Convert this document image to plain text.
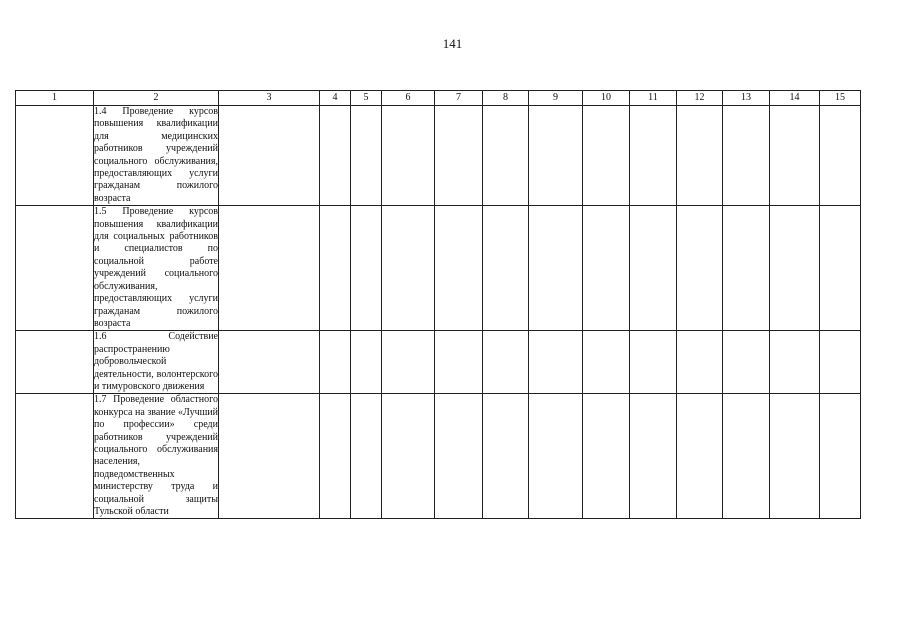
141
1	2	3	4	5	6	7	8	9	10	11	12	13	14	15

	1.4 Проведение курсов повышения квалификации для медицинских работников учреждений социального обслуживания, предоставляющих услуги гражданам пожилого возраста													

	1.5 Проведение курсов повышения квалификации для социальных работников и специалистов по социальной работе учреждений социального обслуживания, предоставляющих услуги гражданам пожилого возраста													

	1.6 Содействие распространению добровольческой деятельности, волонтерского и тимуровского движения													

	1.7 Проведение областного конкурса на звание «Лучший по профессии» среди работников учреждений социального обслуживания населения, подведомственных министерству труда и социальной защиты Тульской области													
